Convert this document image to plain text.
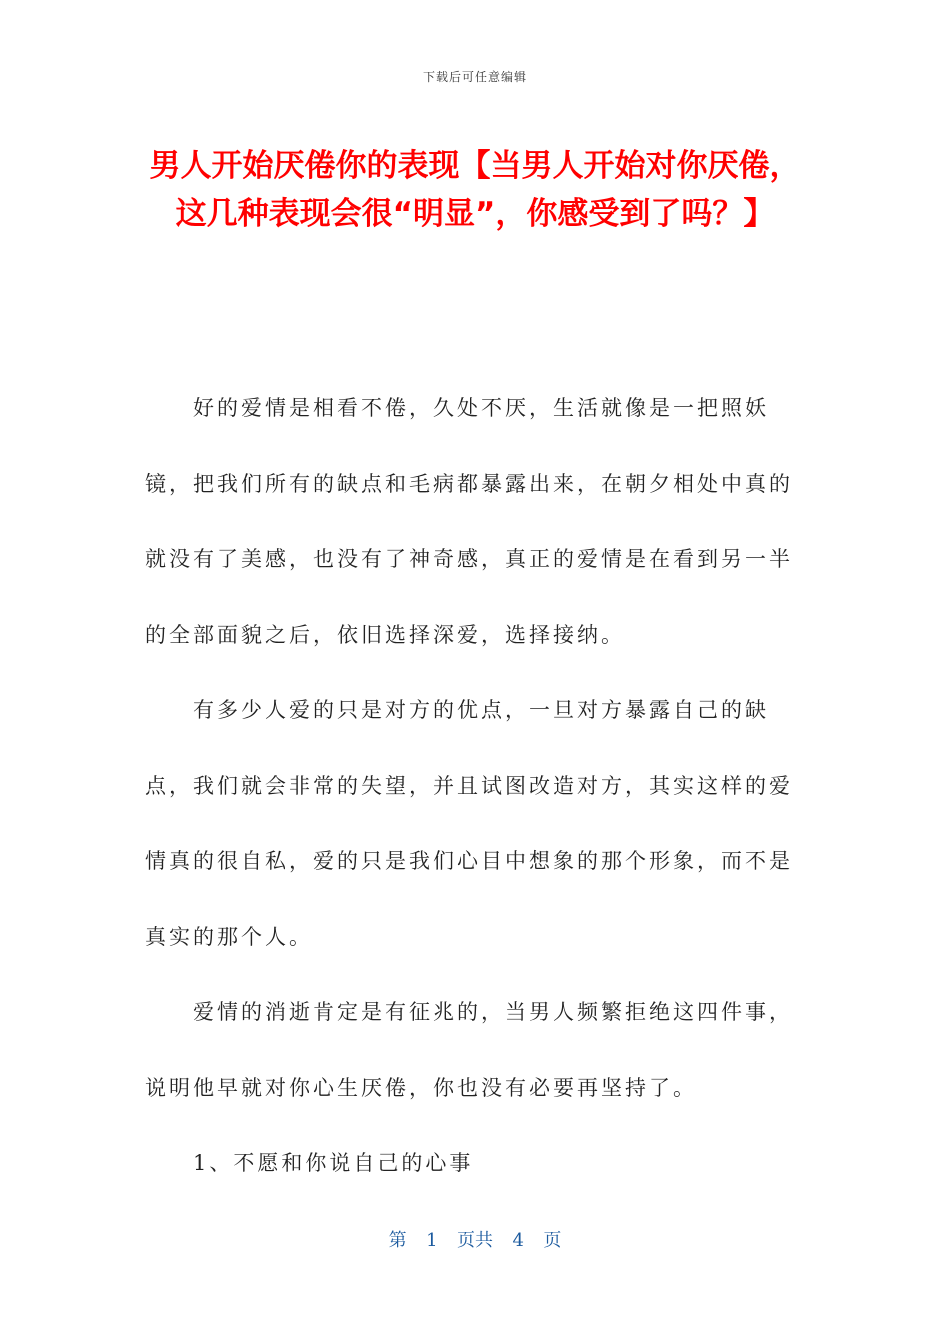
下载后可任意编辑
男人开始厌倦你的表现【当男人开始对你厌倦，这几种表现会很“明显”，你感受到了吗？】

好的爱情是相看不倦，久处不厌，生活就像是一把照妖镜，把我们所有的缺点和毛病都暴露出来，在朝夕相处中真的就没有了美感，也没有了神奇感，真正的爱情是在看到另一半的全部面貌之后，依旧选择深爱，选择接纳。

有多少人爱的只是对方的优点，一旦对方暴露自己的缺点，我们就会非常的失望，并且试图改造对方，其实这样的爱情真的很自私，爱的只是我们心目中想象的那个形象，而不是真实的那个人。

爱情的消逝肯定是有征兆的，当男人频繁拒绝这四件事，说明他早就对你心生厌倦，你也没有必要再坚持了。

1、不愿和你说自己的心事

第  1  页共  4  页
